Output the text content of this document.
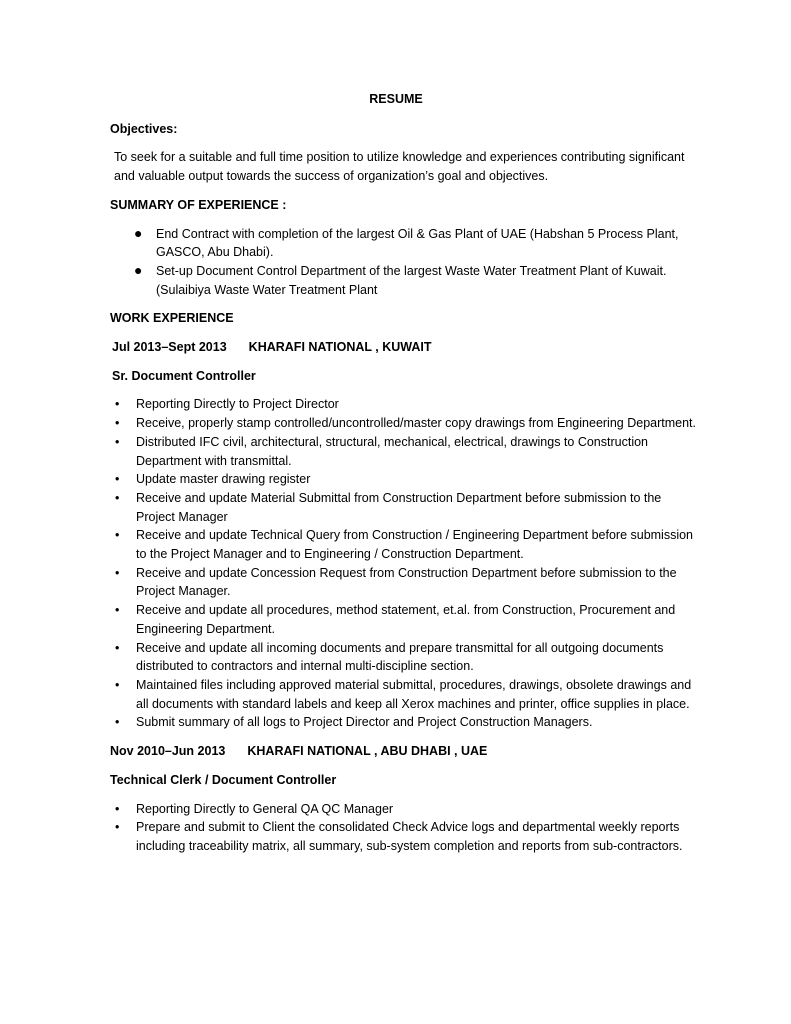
RESUME
Objectives:
To seek for a suitable and full time position to utilize knowledge and experiences contributing significant and valuable output towards the success of organization’s goal and objectives.
SUMMARY OF EXPERIENCE :
● End Contract with completion of the largest Oil & Gas Plant of UAE (Habshan 5 Process Plant, GASCO, Abu Dhabi).
● Set-up Document Control Department of the largest Waste Water Treatment Plant of Kuwait. (Sulaibiya Waste Water Treatment Plant
WORK EXPERIENCE
Jul 2013–Sept 2013 KHARAFI NATIONAL , KUWAIT
Sr. Document Controller
• Reporting Directly to Project Director
• Receive, properly stamp controlled/uncontrolled/master copy drawings from Engineering Department.
• Distributed IFC civil, architectural, structural, mechanical, electrical, drawings to Construction Department with transmittal.
• Update master drawing register
• Receive and update Material Submittal from Construction Department before submission to the Project Manager
• Receive and update Technical Query from Construction / Engineering Department before submission to the Project Manager and to Engineering / Construction Department.
• Receive and update Concession Request from Construction Department before submission to the Project Manager.
• Receive and update all procedures, method statement, et.al. from Construction, Procurement and Engineering Department.
• Receive and update all incoming documents and prepare transmittal for all outgoing documents distributed to contractors and internal multi-discipline section.
• Maintained files including approved material submittal, procedures, drawings, obsolete drawings and all documents with standard labels and keep all Xerox machines and printer, office supplies in place.
• Submit summary of all logs to Project Director and Project Construction Managers.
Nov 2010–Jun 2013 KHARAFI NATIONAL , ABU DHABI , UAE
Technical Clerk / Document Controller
• Reporting Directly to General QA QC Manager
• Prepare and submit to Client the consolidated Check Advice logs and departmental weekly reports including traceability matrix, all summary, sub-system completion and reports from sub-contractors.
